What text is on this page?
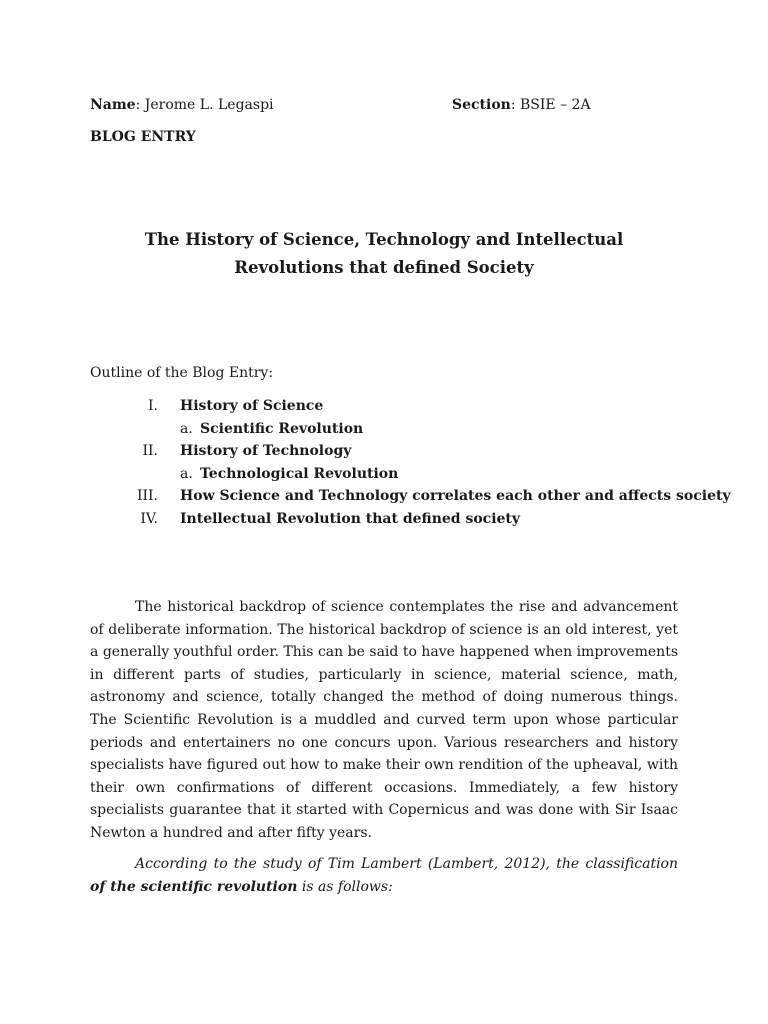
Name: Jerome L. Legaspi	Section: BSIE – 2A
BLOG ENTRY
The History of Science, Technology and Intellectual Revolutions that defined Society
Outline of the Blog Entry:
I. History of Science
a. Scientific Revolution
II. History of Technology
a. Technological Revolution
III. How Science and Technology correlates each other and affects society
IV. Intellectual Revolution that defined society

The historical backdrop of science contemplates the rise and advancement of deliberate information. The historical backdrop of science is an old interest, yet a generally youthful order. This can be said to have happened when improvements in different parts of studies, particularly in science, material science, math, astronomy and science, totally changed the method of doing numerous things. The Scientific Revolution is a muddled and curved term upon whose particular periods and entertainers no one concurs upon. Various researchers and history specialists have figured out how to make their own rendition of the upheaval, with their own confirmations of different occasions. Immediately, a few history specialists guarantee that it started with Copernicus and was done with Sir Isaac Newton a hundred and after fifty years.

According to the study of Tim Lambert (Lambert, 2012), the classification of the scientific revolution is as follows:
